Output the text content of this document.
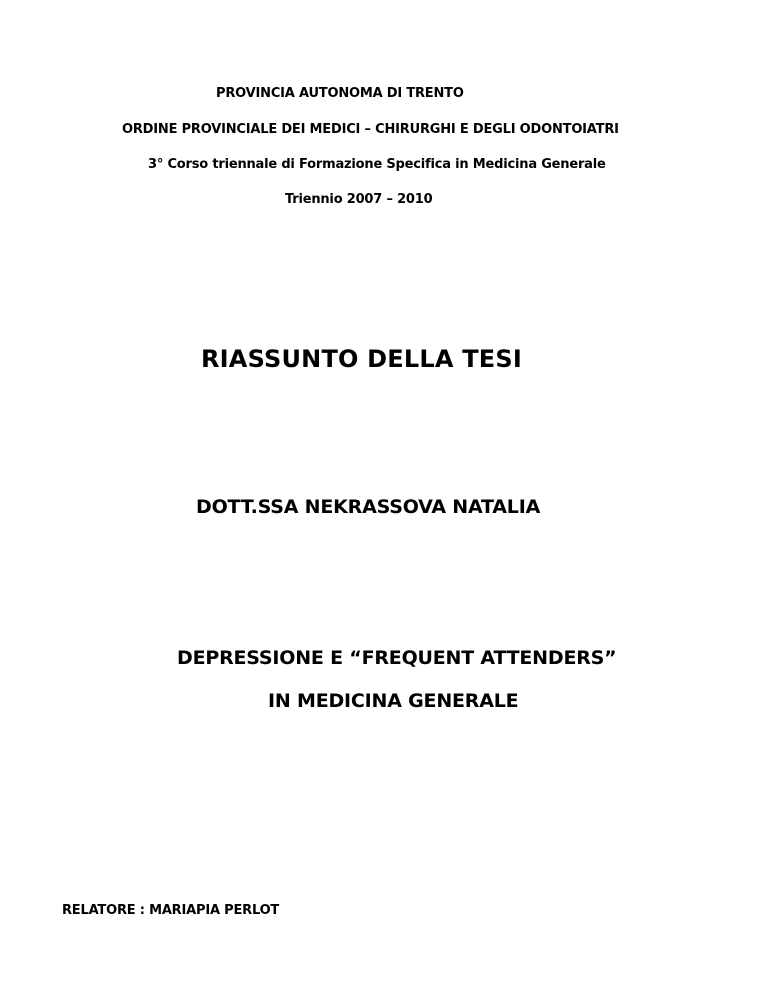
PROVINCIA AUTONOMA DI TRENTO
ORDINE PROVINCIALE DEI MEDICI – CHIRURGHI E DEGLI ODONTOIATRI
3° Corso triennale di Formazione Specifica in Medicina Generale
Triennio 2007 – 2010
RIASSUNTO DELLA TESI
DOTT.SSA NEKRASSOVA NATALIA
DEPRESSIONE E “FREQUENT ATTENDERS”
IN MEDICINA GENERALE
RELATORE : MARIAPIA PERLOT
